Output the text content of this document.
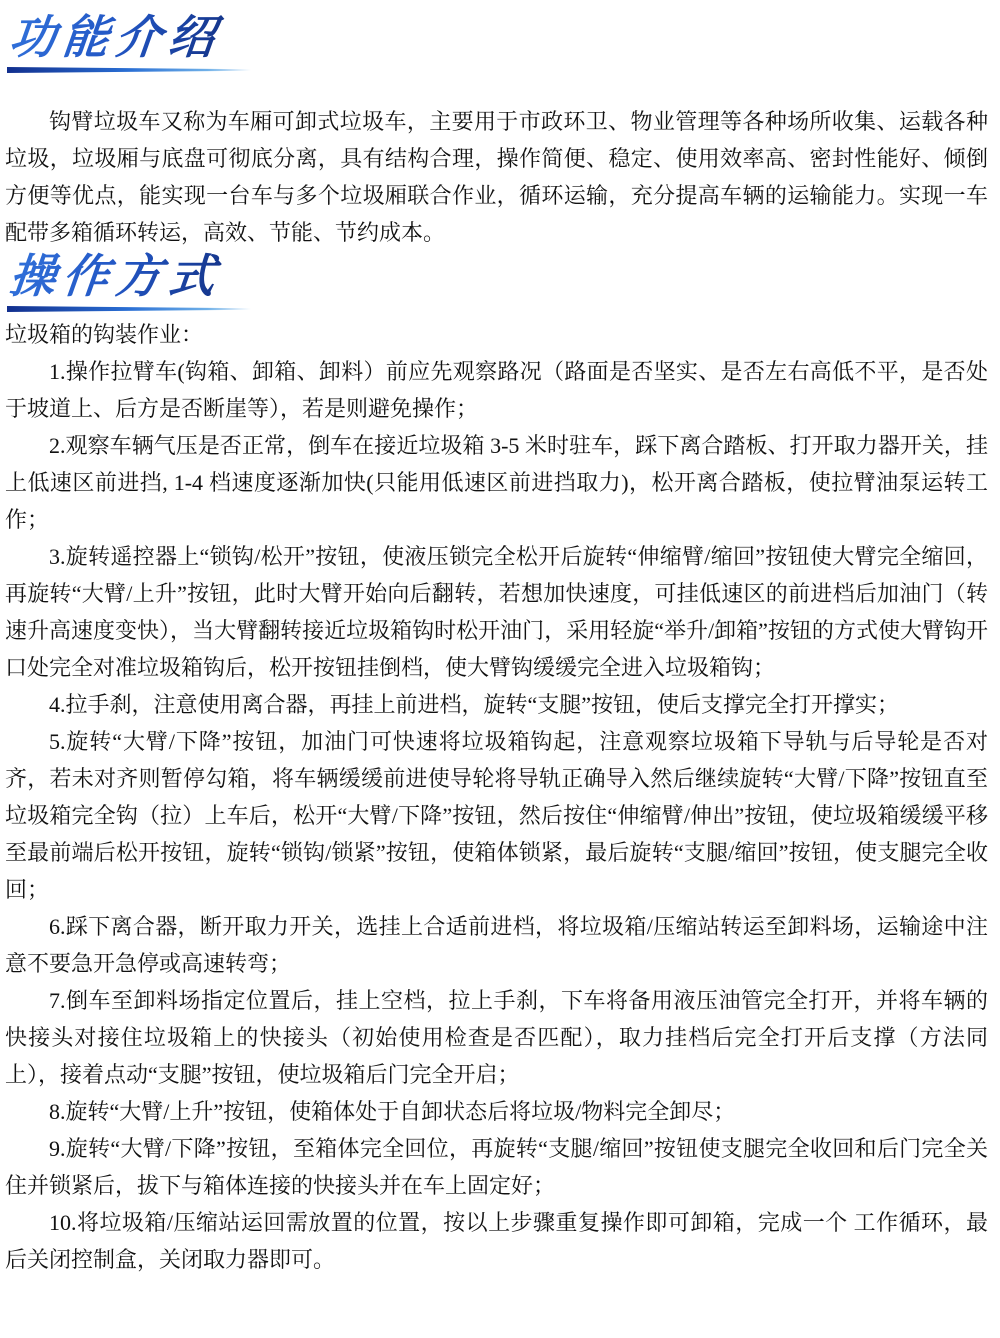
功能介绍

钩臂垃圾车又称为车厢可卸式垃圾车，主要用于市政环卫、物业管理等各种场所收集、运载各种垃圾，垃圾厢与底盘可彻底分离，具有结构合理，操作简便、稳定、使用效率高、密封性能好、倾倒方便等优点，能实现一台车与多个垃圾厢联合作业，循环运输，充分提高车辆的运输能力。实现一车配带多箱循环转运，高效、节能、节约成本。

操作方式

垃圾箱的钩装作业：

1.操作拉臂车(钩箱、卸箱、卸料）前应先观察路况（路面是否坚实、是否左右高低不平，是否处于坡道上、后方是否断崖等），若是则避免操作；

2.观察车辆气压是否正常，倒车在接近垃圾箱 3-5 米时驻车，踩下离合踏板、打开取力器开关，挂上低速区前进挡, 1-4 档速度逐渐加快(只能用低速区前进挡取力)，松开离合踏板，使拉臂油泵运转工作；

3.旋转遥控器上“锁钩/松开”按钮，使液压锁完全松开后旋转“伸缩臂/缩回”按钮使大臂完全缩回，再旋转“大臂/上升”按钮，此时大臂开始向后翻转，若想加快速度，可挂低速区的前进档后加油门（转速升高速度变快），当大臂翻转接近垃圾箱钩时松开油门，采用轻旋“举升/卸箱”按钮的方式使大臂钩开口处完全对准垃圾箱钩后，松开按钮挂倒档，使大臂钩缓缓完全进入垃圾箱钩；

4.拉手刹，注意使用离合器，再挂上前进档，旋转“支腿”按钮，使后支撑完全打开撑实；

5.旋转“大臂/下降”按钮，加油门可快速将垃圾箱钩起，注意观察垃圾箱下导轨与后导轮是否对齐，若未对齐则暂停勾箱，将车辆缓缓前进使导轮将导轨正确导入然后继续旋转“大臂/下降”按钮直至垃圾箱完全钩（拉）上车后，松开“大臂/下降”按钮，然后按住“伸缩臂/伸出”按钮，使垃圾箱缓缓平移至最前端后松开按钮，旋转“锁钩/锁紧”按钮，使箱体锁紧，最后旋转“支腿/缩回”按钮，使支腿完全收回；

6.踩下离合器，断开取力开关，选挂上合适前进档，将垃圾箱/压缩站转运至卸料场，运输途中注意不要急开急停或高速转弯；

7.倒车至卸料场指定位置后，挂上空档，拉上手刹，下车将备用液压油管完全打开，并将车辆的快接头对接住垃圾箱上的快接头（初始使用检查是否匹配），取力挂档后完全打开后支撑（方法同上），接着点动“支腿”按钮，使垃圾箱后门完全开启；

8.旋转“大臂/上升”按钮，使箱体处于自卸状态后将垃圾/物料完全卸尽；

9.旋转“大臂/下降”按钮，至箱体完全回位，再旋转“支腿/缩回”按钮使支腿完全收回和后门完全关住并锁紧后，拔下与箱体连接的快接头并在车上固定好；

10.将垃圾箱/压缩站运回需放置的位置，按以上步骤重复操作即可卸箱，完成一个 工作循环，最后关闭控制盒，关闭取力器即可。
